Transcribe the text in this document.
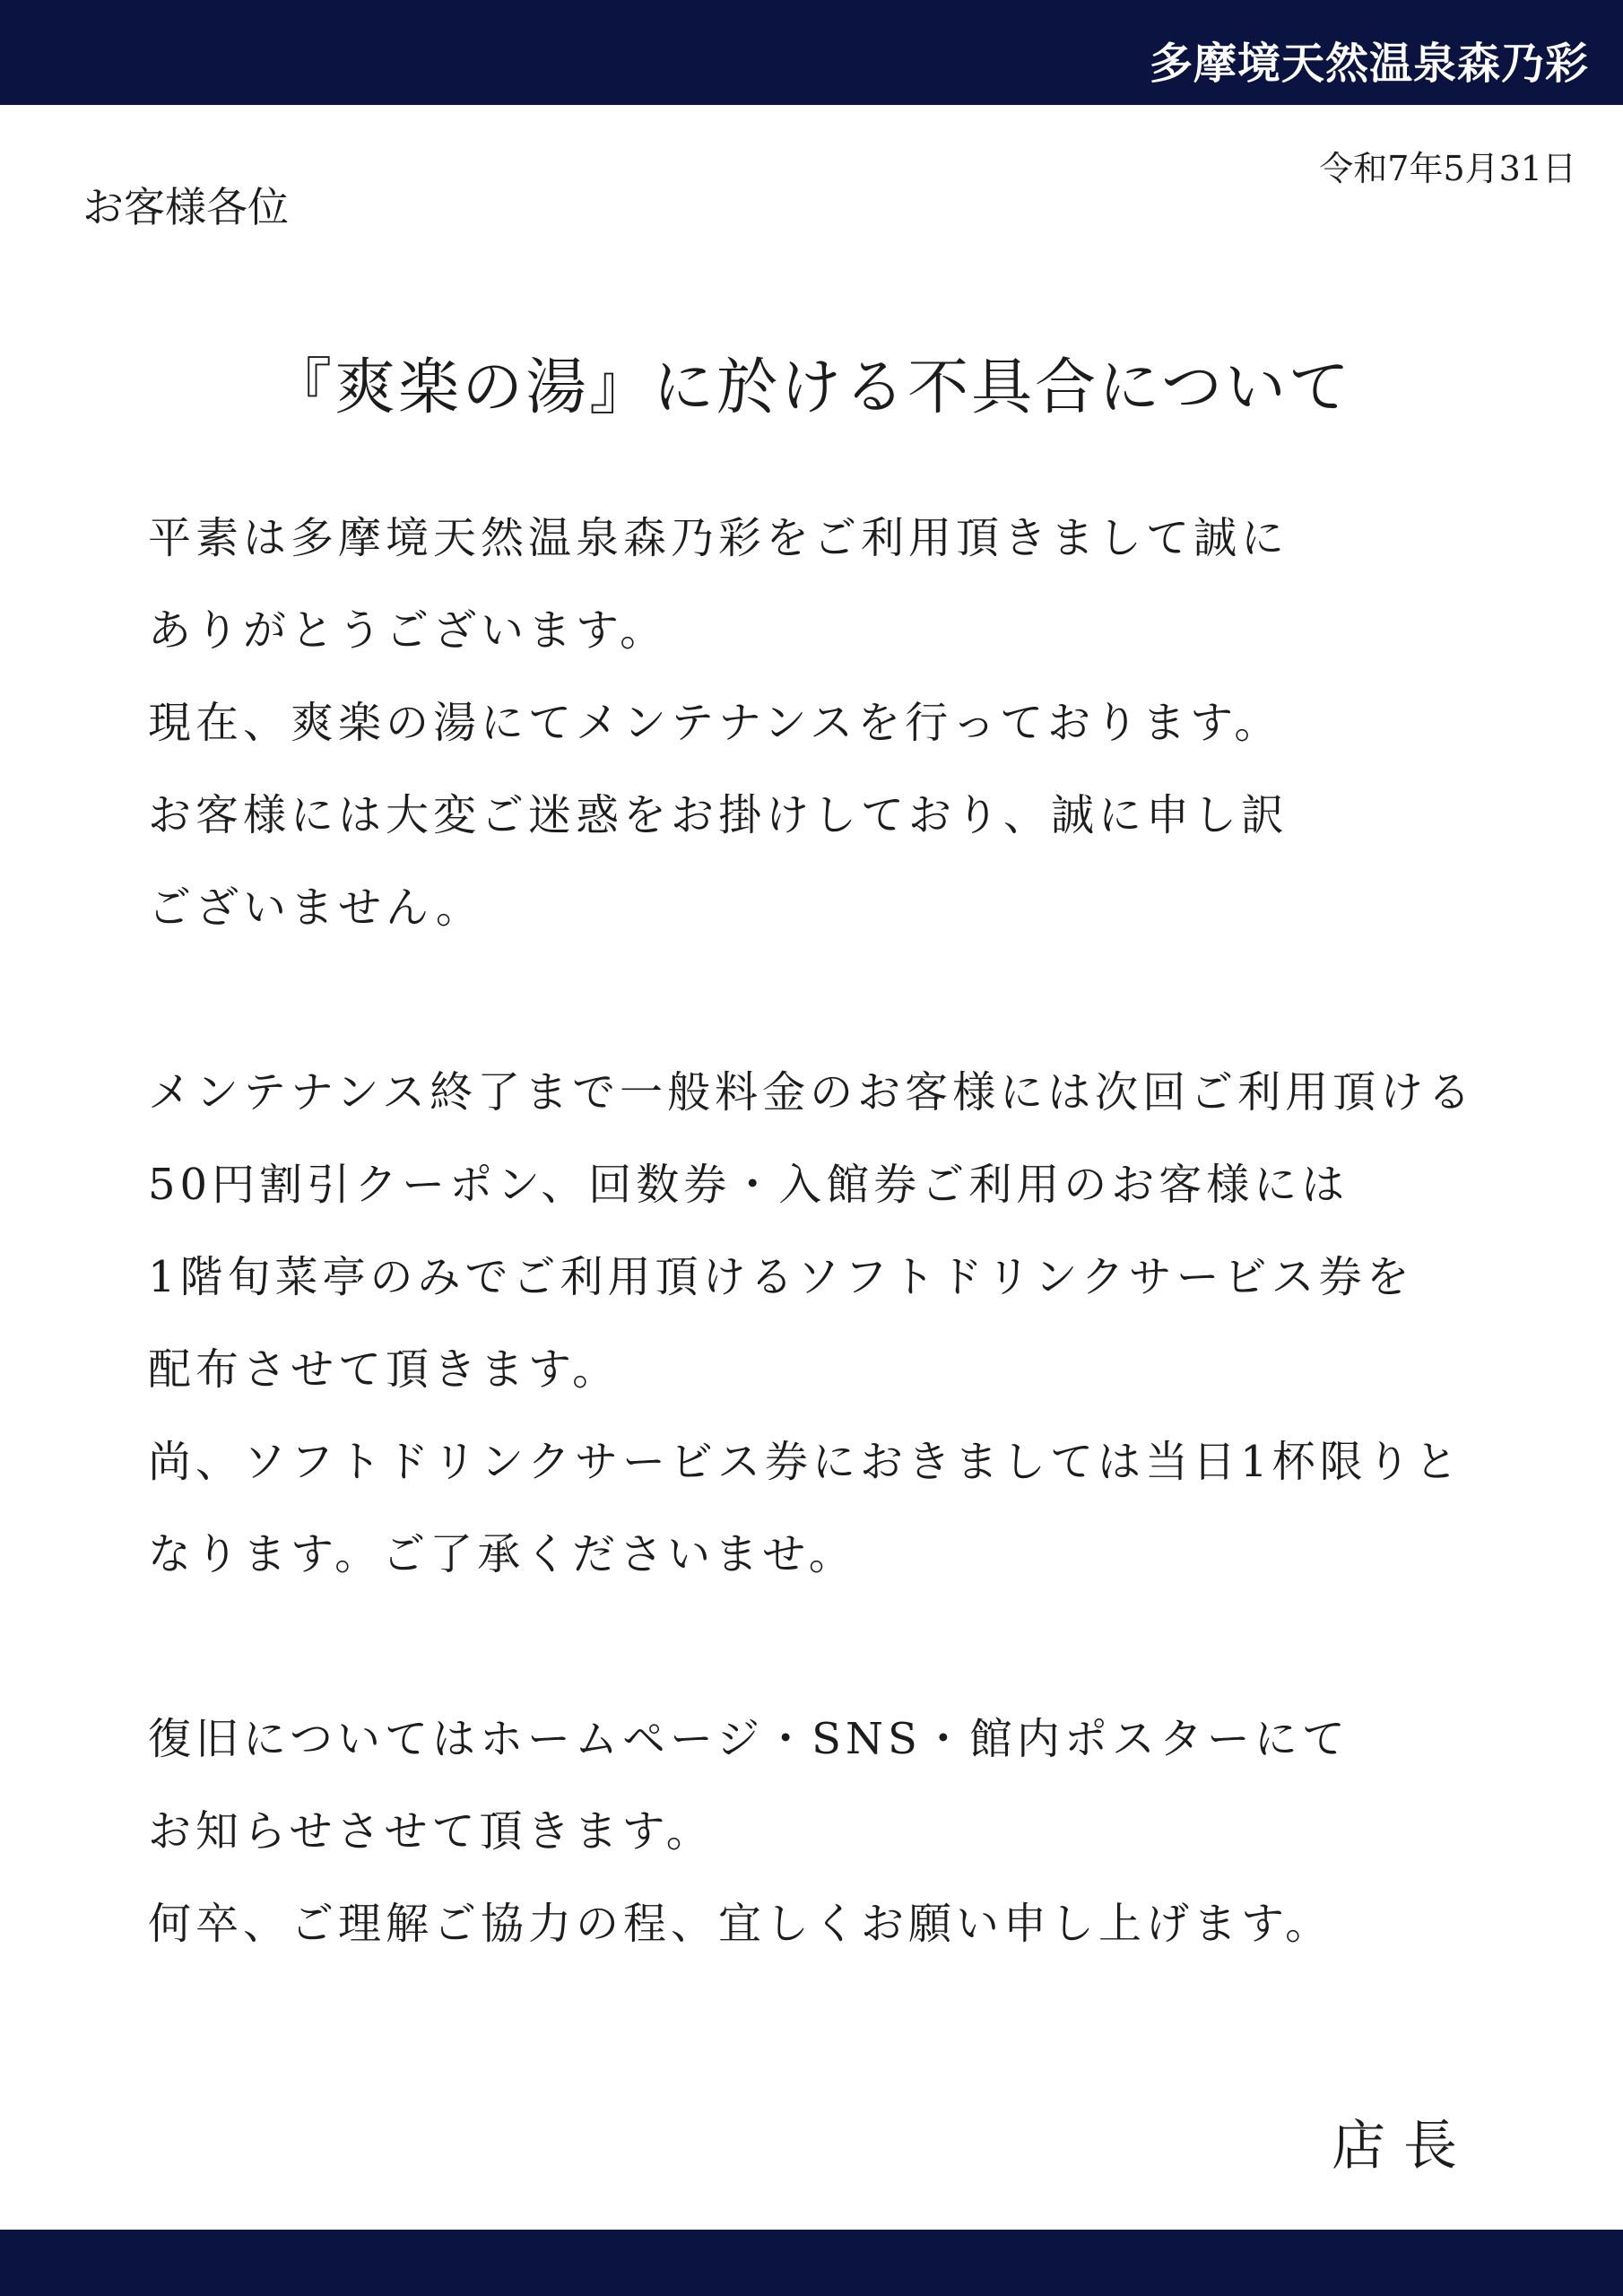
多摩境天然温泉森乃彩
令和7年5月31日
お客様各位
『爽楽の湯』に於ける不具合について
平素は多摩境天然温泉森乃彩をご利用頂きまして誠に
ありがとうございます。
現在、爽楽の湯にてメンテナンスを行っております。
お客様には大変ご迷惑をお掛けしており、誠に申し訳
ございません。
メンテナンス終了まで一般料金のお客様には次回ご利用頂ける
50円割引クーポン、回数券・入館券ご利用のお客様には
1階旬菜亭のみでご利用頂けるソフトドリンクサービス券を
配布させて頂きます。
尚、ソフトドリンクサービス券におきましては当日1杯限りと
なります。ご了承くださいませ。
復旧についてはホームページ・SNS・館内ポスターにて
お知らせさせて頂きます。
何卒、ご理解ご協力の程、宜しくお願い申し上げます。
店長
